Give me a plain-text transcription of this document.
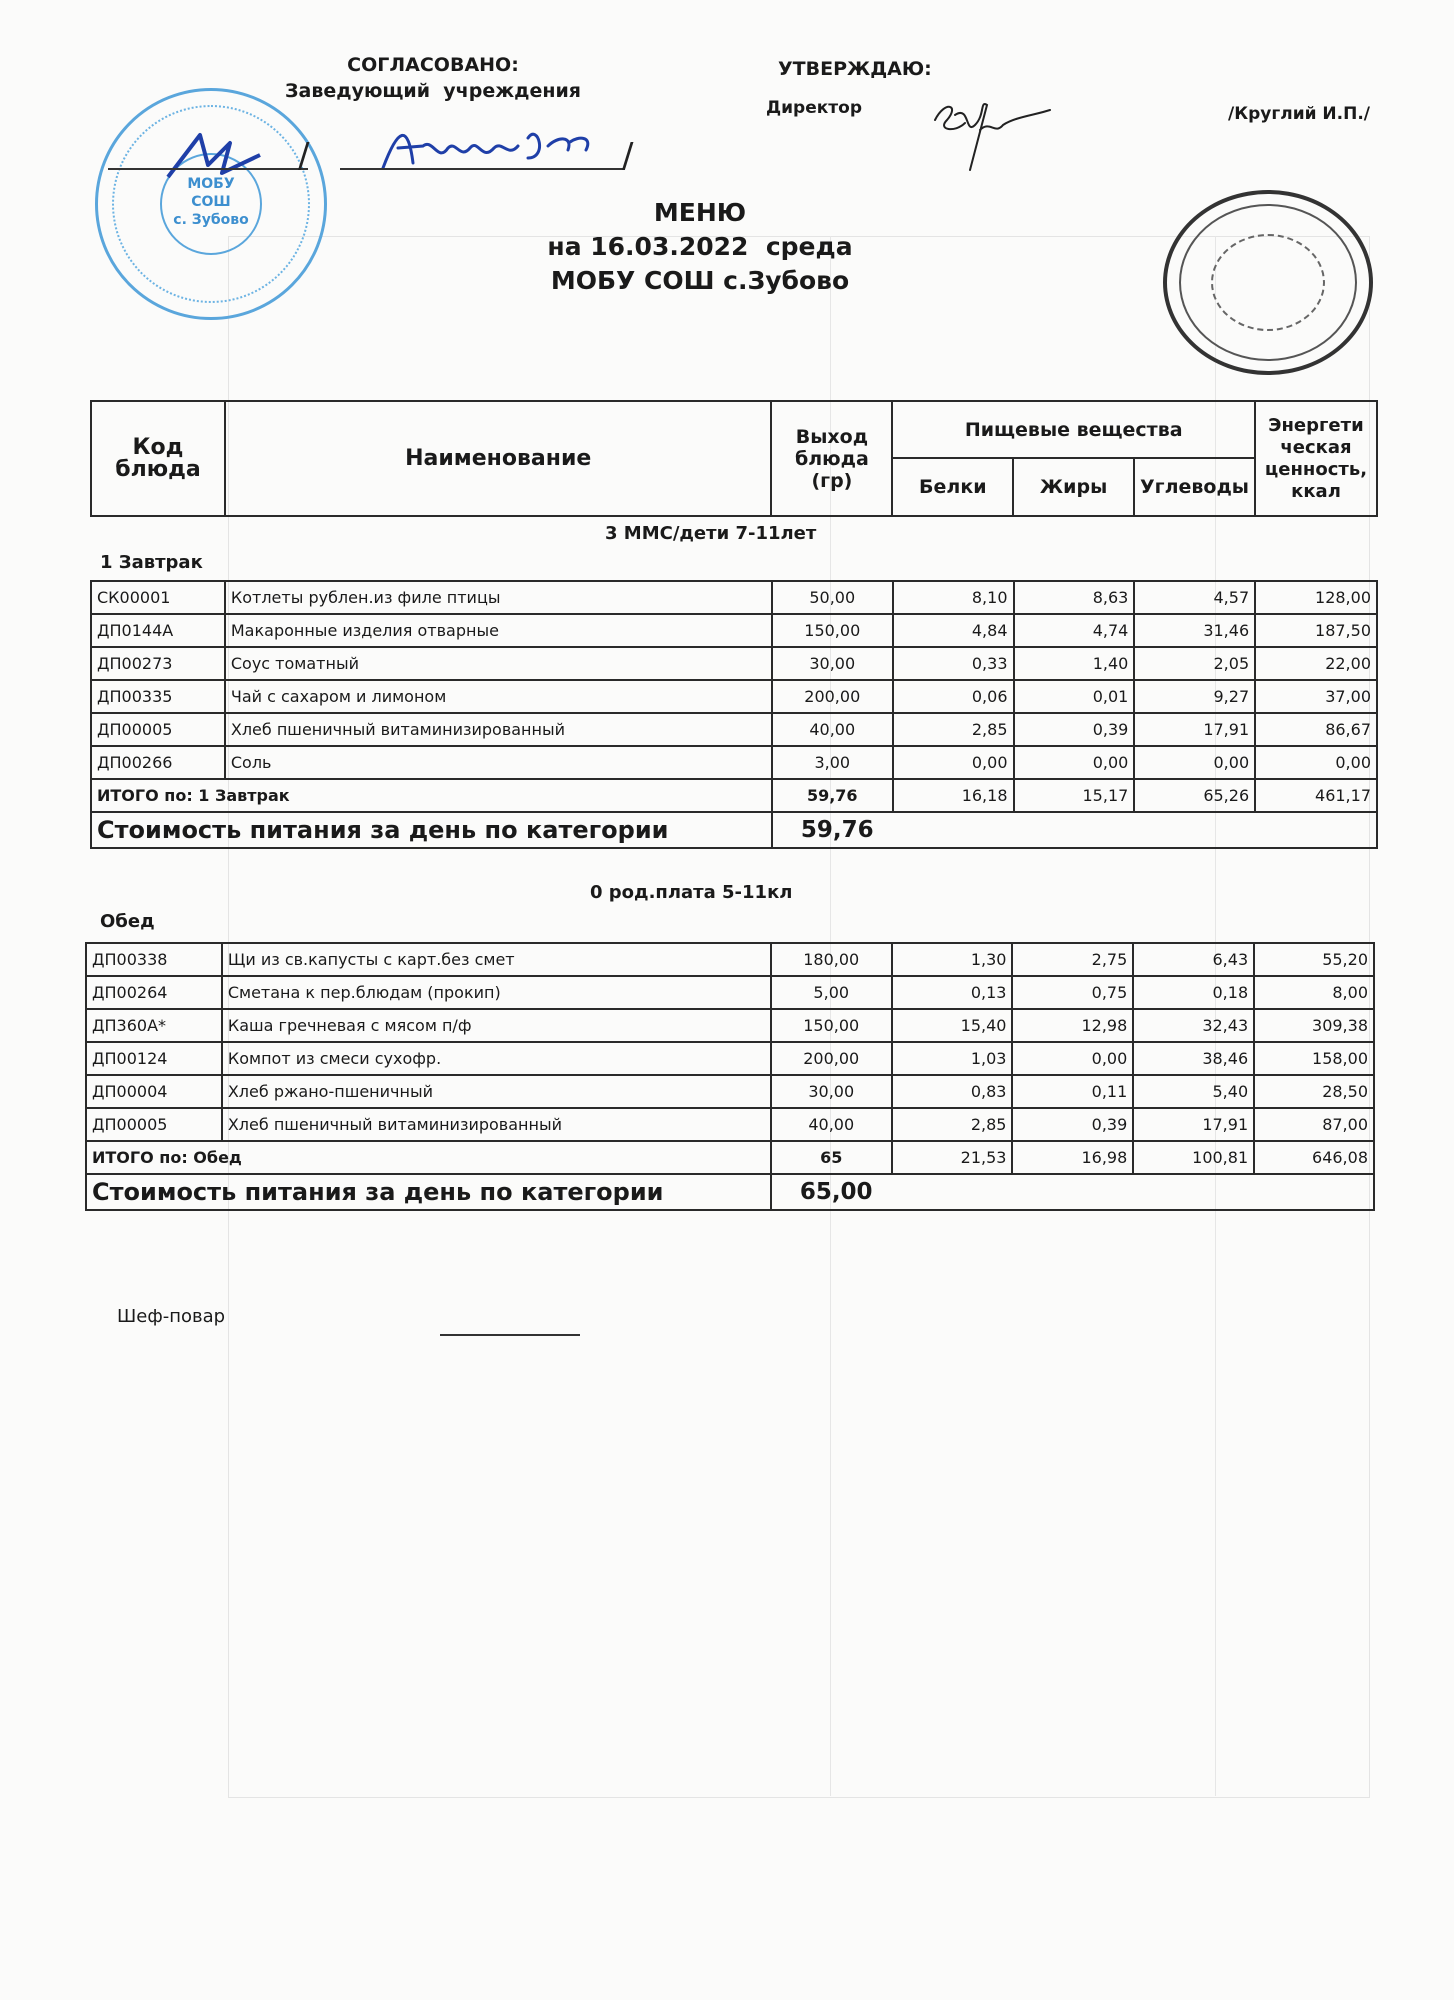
СОГЛАСОВАНО:
Заведующий  учреждения
МОБУ
СОШ
с. Зубово
/	/
УТВЕРЖДАЮ:
Директор	/Круглий И.П./
МЕНЮ
на 16.03.2022  среда
МОБУ СОШ с.Зубово
Код блюда	Наименование	Выход блюда (гр)	Пищевые вещества			Энергети ческая ценность, ккал
			Белки	Жиры	Углеводы	
3 ММС/дети 7-11лет
1 Завтрак
СК00001	Котлеты рублен.из филе птицы	50,00	8,10	8,63	4,57	128,00
ДП0144А	Макаронные изделия отварные	150,00	4,84	4,74	31,46	187,50
ДП00273	Соус томатный	30,00	0,33	1,40	2,05	22,00
ДП00335	Чай с сахаром и лимоном	200,00	0,06	0,01	9,27	37,00
ДП00005	Хлеб пшеничный витаминизированный	40,00	2,85	0,39	17,91	86,67
ДП00266	Соль	3,00	0,00	0,00	0,00	0,00
ИТОГО по: 1 Завтрак		59,76	16,18	15,17	65,26	461,17
Стоимость питания за день по категории		59,76				
0 род.плата 5-11кл
Обед
ДП00338	Щи из св.капусты с карт.без смет	180,00	1,30	2,75	6,43	55,20
ДП00264	Сметана к пер.блюдам (прокип)	5,00	0,13	0,75	0,18	8,00
ДП360А*	Каша гречневая с мясом п/ф	150,00	15,40	12,98	32,43	309,38
ДП00124	Компот из смеси сухофр.	200,00	1,03	0,00	38,46	158,00
ДП00004	Хлеб ржано-пшеничный	30,00	0,83	0,11	5,40	28,50
ДП00005	Хлеб пшеничный витаминизированный	40,00	2,85	0,39	17,91	87,00
ИТОГО по: Обед		65	21,53	16,98	100,81	646,08
Стоимость питания за день по категории		65,00				
Шеф-повар
